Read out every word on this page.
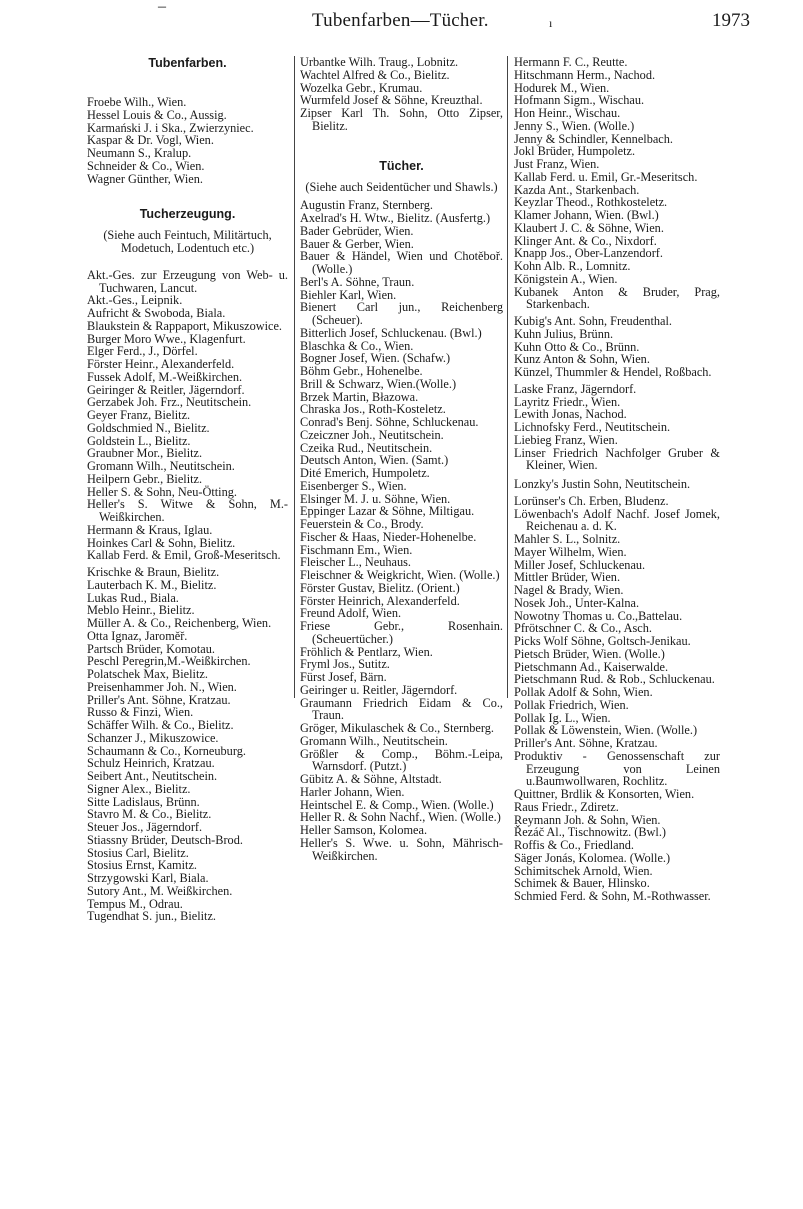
–
Tubenfarben—Tücher.	ı	1973

Tubenfarben.

Froebe Wilh., Wien.

Hessel Louis & Co., Aussig.

Karmański J. i Ska., Zwierzyniec.

Kaspar & Dr. Vogl, Wien.

Neumann S., Kralup.

Schneider & Co., Wien.

Wagner Günther, Wien.

Tucherzeugung.

(Siehe auch Feintuch, Militärtuch, Modetuch, Lodentuch etc.)

Akt.-Ges. zur Erzeugung von Web- u. Tuchwaren, Lancut.

Akt.-Ges., Leipnik.

Aufricht & Swoboda, Biala.

Blaukstein & Rappaport, Mikuszowice.

Burger Moro Wwe., Klagenfurt.

Elger Ferd., J., Dörfel.

Förster Heinr., Alexanderfeld.

Fussek Adolf, M.-Weißkirchen.

Geiringer & Reitler, Jägerndorf.

Gerzabek Joh. Frz., Neutitschein.

Geyer Franz, Bielitz.

Goldschmied N., Bielitz.

Goldstein L., Bielitz.

Graubner Mor., Bielitz.

Gromann Wilh., Neutitschein.

Heilpern Gebr., Bielitz.

Heller S. & Sohn, Neu-Ötting.

Heller's S. Witwe & Sohn, M.-Weißkirchen.

Hermann & Kraus, Iglau.

Hoinkes Carl & Sohn, Bielitz.

Kallab Ferd. & Emil, Groß-Meseritsch.

Krischke & Braun, Bielitz.

Lauterbach K. M., Bielitz.

Lukas Rud., Biala.

Meblo Heinr., Bielitz.

Müller A. & Co., Reichenberg, Wien.

Otta Ignaz, Jaroměř.

Partsch Brüder, Komotau.

Peschl Peregrin,M.-Weißkirchen.

Polatschek Max, Bielitz.

Preisenhammer Joh. N., Wien.

Priller's Ant. Söhne, Kratzau.

Russo & Finzi, Wien.

Schäffer Wilh. & Co., Bielitz.

Schanzer J., Mikuszowice.

Schaumann & Co., Korneuburg.

Schulz Heinrich, Kratzau.

Seibert Ant., Neutitschein.

Signer Alex., Bielitz.

Sitte Ladislaus, Brünn.

Stavro M. & Co., Bielitz.

Steuer Jos., Jägerndorf.

Stiassny Brüder, Deutsch-Brod.

Stosius Carl, Bielitz.

Stosius Ernst, Kamitz.

Strzygowski Karl, Biala.

Sutory Ant., M. Weißkirchen.

Tempus M., Odrau.

Tugendhat S. jun., Bielitz.

Urbantke Wilh. Traug., Lobnitz.

Wachtel Alfred & Co., Bielitz.

Wozelka Gebr., Krumau.

Wurmfeld Josef & Söhne, Kreuzthal.

Zipser Karl Th. Sohn, Otto Zipser, Bielitz.

Tücher.

(Siehe auch Seidentücher und Shawls.)

Augustin Franz, Sternberg.

Axelrad's H. Wtw., Bielitz. (Ausfertg.)

Bader Gebrüder, Wien.

Bauer & Gerber, Wien.

Bauer & Händel, Wien und Chotěboř. (Wolle.)

Berl's A. Söhne, Traun.

Biehler Karl, Wien.

Bienert Carl jun., Reichenberg (Scheuer).

Bitterlich Josef, Schluckenau. (Bwl.)

Blaschka & Co., Wien.

Bogner Josef, Wien. (Schafw.)

Böhm Gebr., Hohenelbe.

Brill & Schwarz, Wien.(Wolle.)

Brzek Martin, Błazowa.

Chraska Jos., Roth-Kosteletz.

Conrad's Benj. Söhne, Schluckenau.

Czeiczner Joh., Neutitschein.

Czeika Rud., Neutitschein.

Deutsch Anton, Wien. (Samt.)

Dité Emerich, Humpoletz.

Eisenberger S., Wien.

Elsinger M. J. u. Söhne, Wien.

Eppinger Lazar & Söhne, Miltigau.

Feuerstein & Co., Brody.

Fischer & Haas, Nieder-Hohenelbe.

Fischmann Em., Wien.

Fleischer L., Neuhaus.

Fleischner & Weigkricht, Wien. (Wolle.)

Förster Gustav, Bielitz. (Orient.)

Förster Heinrich, Alexanderfeld.

Freund Adolf, Wien.

Friese Gebr., Rosenhain. (Scheuertücher.)

Fröhlich & Pentlarz, Wien.

Fryml Jos., Sutitz.

Fürst Josef, Bärn.

Geiringer u. Reitler, Jägerndorf.

Graumann Friedrich Eidam & Co., Traun.

Gröger, Mikulaschek & Co., Sternberg.

Gromann Wilh., Neutitschein.

Größler & Comp., Böhm.-Leipa, Warnsdorf. (Putzt.)

Gübitz A. & Söhne, Altstadt.

Harler Johann, Wien.

Heintschel E. & Comp., Wien. (Wolle.)

Heller R. & Sohn Nachf., Wien. (Wolle.)

Heller Samson, Kolomea.

Heller's S. Wwe. u. Sohn, Mährisch-Weißkirchen.

Hermann F. C., Reutte.

Hitschmann Herm., Nachod.

Hodurek M., Wien.

Hofmann Sigm., Wischau.

Hon Heinr., Wischau.

Jenny S., Wien. (Wolle.)

Jenny & Schindler, Kennelbach.

Jokl Brüder, Humpoletz.

Just Franz, Wien.

Kallab Ferd. u. Emil, Gr.-Meseritsch.

Kazda Ant., Starkenbach.

Keyzlar Theod., Rothkosteletz.

Klamer Johann, Wien. (Bwl.)

Klaubert J. C. & Söhne, Wien.

Klinger Ant. & Co., Nixdorf.

Knapp Jos., Ober-Lanzendorf.

Kohn Alb. R., Lomnitz.

Königstein A., Wien.

Kubanek Anton & Bruder, Prag, Starkenbach.

Kubig's Ant. Sohn, Freudenthal.

Kuhn Julius, Brünn.

Kuhn Otto & Co., Brünn.

Kunz Anton & Sohn, Wien.

Künzel, Thummler & Hendel, Roßbach.

Laske Franz, Jägerndorf.

Layritz Friedr., Wien.

Lewith Jonas, Nachod.

Lichnofsky Ferd., Neutitschein.

Liebieg Franz, Wien.

Linser Friedrich Nachfolger Gruber & Kleiner, Wien.

Lonzky's Justin Sohn, Neutitschein.

Lorünser's Ch. Erben, Bludenz.

Löwenbach's Adolf Nachf. Josef Jomek, Reichenau a. d. K.

Mahler S. L., Solnitz.

Mayer Wilhelm, Wien.

Miller Josef, Schluckenau.

Mittler Brüder, Wien.

Nagel & Brady, Wien.

Nosek Joh., Unter-Kalna.

Nowotny Thomas u. Co.,Battelau.

Pfrötschner C. & Co., Asch.

Picks Wolf Söhne, Goltsch-Jenikau.

Pietsch Brüder, Wien. (Wolle.)

Pietschmann Ad., Kaiserwalde.

Pietschmann Rud. & Rob., Schluckenau.

Pollak Adolf & Sohn, Wien.

Pollak Friedrich, Wien.

Pollak Ig. L., Wien.

Pollak & Löwenstein, Wien. (Wolle.)

Priller's Ant. Söhne, Kratzau.

Produktiv - Genossenschaft zur Erzeugung von Leinen u.Baumwollwaren, Rochlitz.

Quittner, Brdlik & Konsorten, Wien.

Raus Friedr., Zdiretz.

Reymann Joh. & Sohn, Wien.

Řezáč Al., Tischnowitz. (Bwl.)

Roffis & Co., Friedland.

Säger Jonás, Kolomea. (Wolle.)

Schimitschek Arnold, Wien.

Schimek & Bauer, Hlinsko.

Schmied Ferd. & Sohn, M.-Rothwasser.
